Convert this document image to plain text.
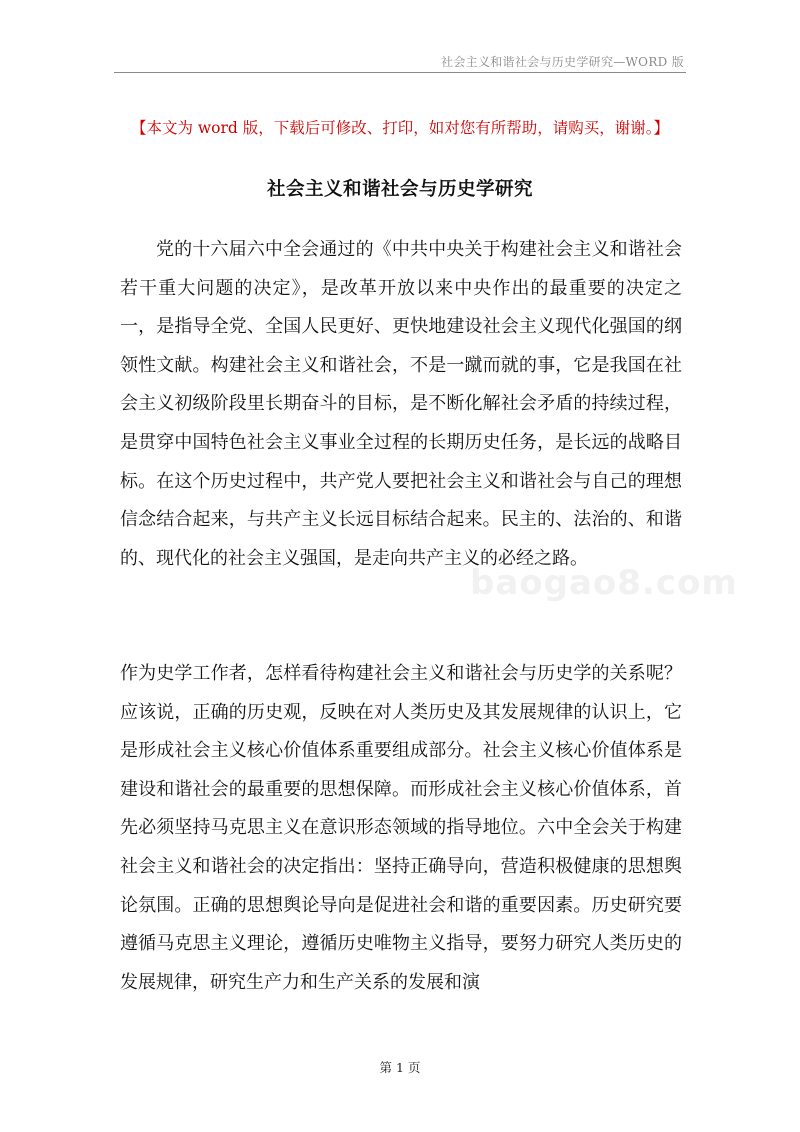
社会主义和谐社会与历史学研究—WORD 版
【本文为 word 版，下载后可修改、打印，如对您有所帮助，请购买，谢谢。】
社会主义和谐社会与历史学研究
党的十六届六中全会通过的《中共中央关于构建社会主义和谐社会若干重大问题的决定》，是改革开放以来中央作出的最重要的决定之一，是指导全党、全国人民更好、更快地建设社会主义现代化强国的纲领性文献。构建社会主义和谐社会，不是一蹴而就的事，它是我国在社会主义初级阶段里长期奋斗的目标，是不断化解社会矛盾的持续过程，是贯穿中国特色社会主义事业全过程的长期历史任务，是长远的战略目标。在这个历史过程中，共产党人要把社会主义和谐社会与自己的理想信念结合起来，与共产主义长远目标结合起来。民主的、法治的、和谐的、现代化的社会主义强国，是走向共产主义的必经之路。
作为史学工作者，怎样看待构建社会主义和谐社会与历史学的关系呢？应该说，正确的历史观，反映在对人类历史及其发展规律的认识上，它是形成社会主义核心价值体系重要组成部分。社会主义核心价值体系是建设和谐社会的最重要的思想保障。而形成社会主义核心价值体系，首先必须坚持马克思主义在意识形态领域的指导地位。六中全会关于构建社会主义和谐社会的决定指出：坚持正确导向，营造积极健康的思想舆论氛围。正确的思想舆论导向是促进社会和谐的重要因素。历史研究要遵循马克思主义理论，遵循历史唯物主义指导，要努力研究人类历史的发展规律，研究生产力和生产关系的发展和演
baogao8.com
第 1 页
